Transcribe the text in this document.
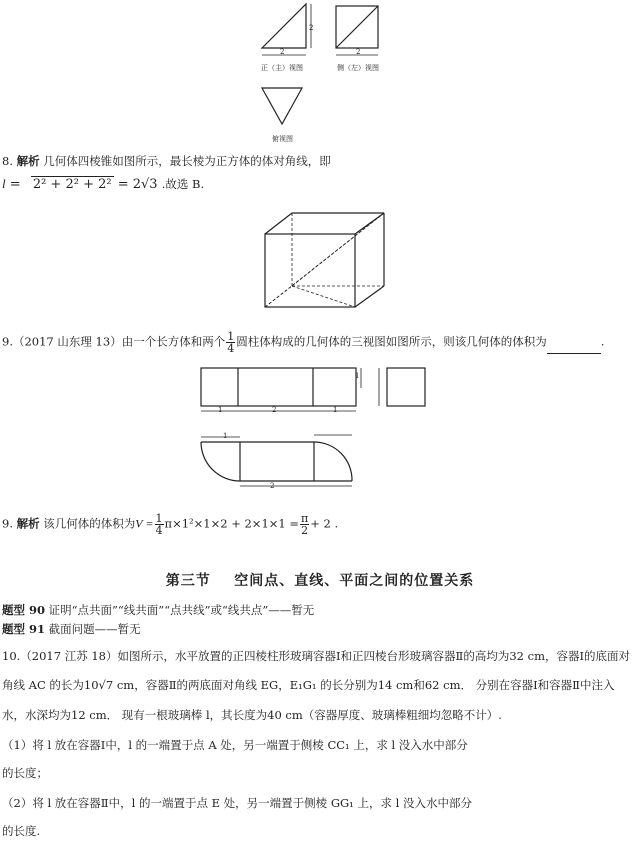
2
2
2
正（主）视图	侧（左）视图
俯视图
8. 解析 几何体四棱锥如图所示，最长棱为正方体的体对角线，即
l = 2² + 2² + 2² = 2√3 .故选 B.
9.（2017 山东理 13）由一个长方体和两个 $\frac{1}{4}$ 圆柱体构成的几何体的三视图如图所示，则该几何体的体积为	.
1	2	1
1
1
2
9. 解析 该几何体的体积为$V = \frac{1}{4} \pi\times 1^2\times 1\times 2 + 2\times 1\times 1 = \frac{\pi}{2} + 2$ .
第三节    空间点、直线、平面之间的位置关系
题型 90 证明“点共面”“线共面”“点共线”或“线共点”——暂无
题型 91 截面问题——暂无
10.（2017 江苏 18）如图所示，水平放置的正四棱柱形玻璃容器Ⅰ和正四棱台形玻璃容器Ⅱ的高均为32 cm，容器Ⅰ的底面对
角线 AC 的长为10√7 cm，容器Ⅱ的两底面对角线 EG，E₁G₁ 的长分别为14 cm和62 cm． 分别在容器Ⅰ和容器Ⅱ中注入
水，水深均为12 cm． 现有一根玻璃棒 l，其长度为40 cm（容器厚度、玻璃棒粗细均忽略不计）.
（1）将 l 放在容器Ⅰ中，l 的一端置于点 A 处，另一端置于侧棱 CC₁ 上，求 l 没入水中部分
的长度；
（2）将 l 放在容器Ⅱ中，l 的一端置于点 E 处，另一端置于侧棱 GG₁ 上，求 l 没入水中部分
的长度.
